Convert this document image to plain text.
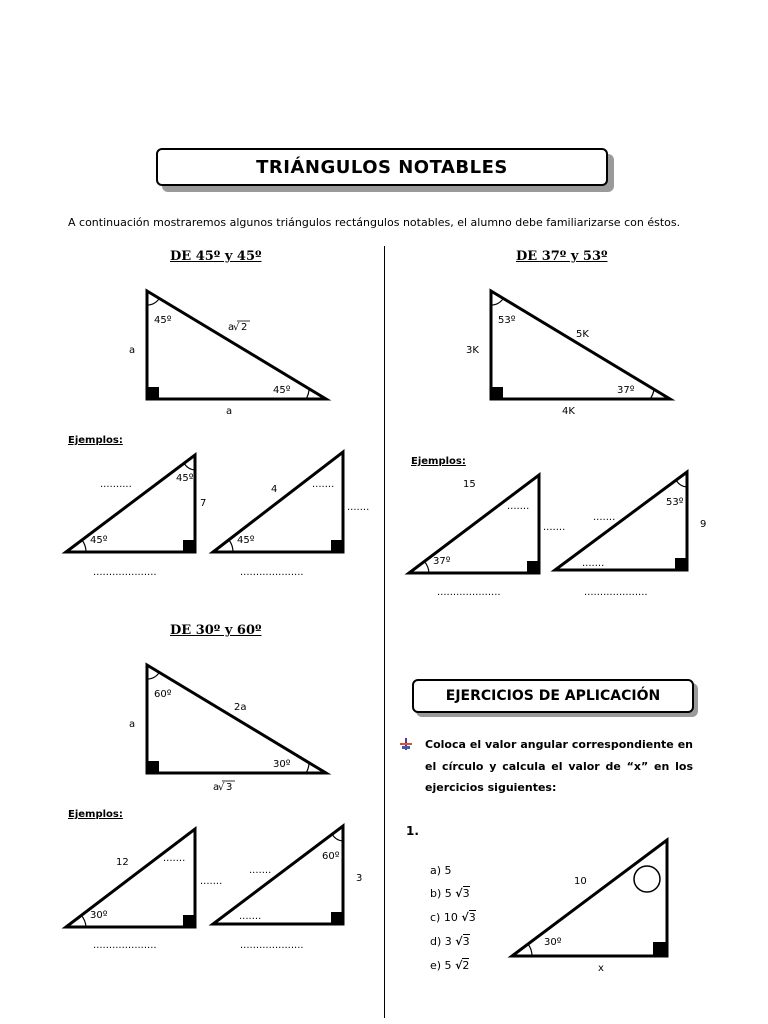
TRIÁNGULOS NOTABLES
A continuación mostraremos algunos triángulos rectángulos notables, el alumno debe familiarizarse con éstos.
DE 45º y 45º	DE 37º y 53º
DE 30º y 60º
Ejemplos:
Ejemplos:
Ejemplos:
EJERCICIOS DE APLICACIÓN
Coloca el valor angular correspondiente en el círculo y calcula el valor de “x” en los ejercicios siguientes:
1.
a) 5
b) 5 √3
c) 10 √3
d) 3 √3
e) 5 √2
45º
45º
a
a
a
√ 2
45º
45º
7
..........
....................
4
45º
.......
.......
....................
53º
37º
3K
4K
5K
15
37º
.......
.......
....................
53º
9
.......
.......
....................
60º
30º
a
2a
a
√ 3
12
30º
.......
.......
....................
60º
3
.......
.......
....................
10
30º
x
